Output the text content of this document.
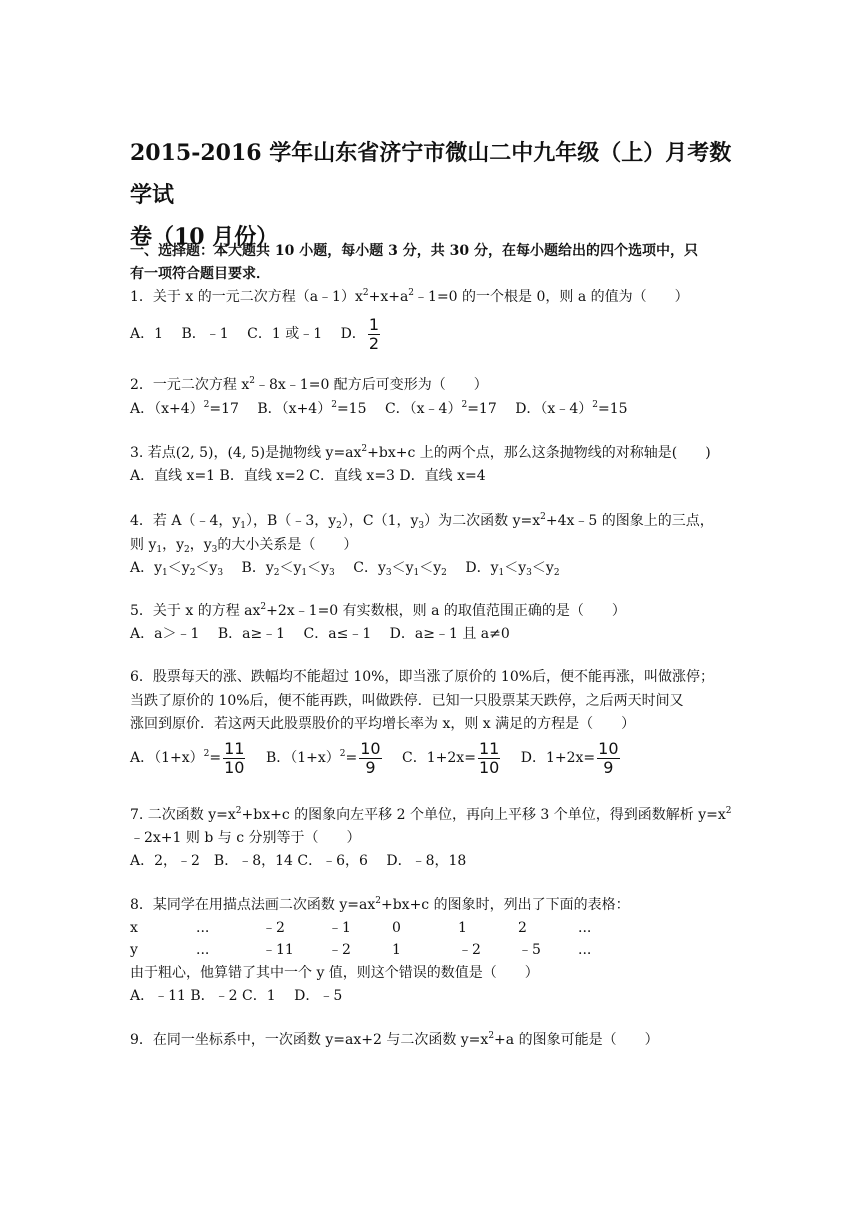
2015-2016 学年山东省济宁市微山二中九年级（上）月考数学试
卷（10 月份）
一、选择题：本大题共 10 小题，每小题 3 分，共 30 分，在每小题给出的四个选项中，只
有一项符合题目要求．
1．关于 x 的一元二次方程$(a﹣1)x^2+x+a^2﹣1=0$ 的一个根是 0，则 a 的值为（　　）
A．1 B．﹣1 C．1 或﹣1 D． $\frac{1}{2}$
2．一元二次方程 $x^2﹣8x﹣1=0$ 配方后可变形为（　　）
A．$(x+4)^2=17$ B．$(x+4)^2=15$ C．（x﹣4）$^2$=17 D．（x﹣4）$^2$=15
3. 若点(2, 5)，(4, 5)是抛物线 $y=ax^2+bx+c$ 上的两个点，那么这条抛物线的对称轴是(　　)
A．直线 x=1 B．直线 x=2 C．直线 x=3 D．直线 x=4
4．若 A（﹣4，$y_1$），B（﹣3，$y_2$），C（1，$y_3$）为二次函数 $y=x^2+4x﹣5$ 的图象上的三点，
则 $y_1$，$y_2$，$y_3$的大小关系是（　　）
A．$y_1<y_2<y_3$ B．$y_2<y_1<y_3$ C．$y_3<y_1<y_2$ D．$y_1<y_3<y_2$
5．关于 x 的方程 $ax^2+2x﹣1=0$ 有实数根，则 a 的取值范围正确的是（　　）
A．a＞﹣1　 B．a≥﹣1　 C．a≤﹣1　 D．a≥﹣1 且 a≠0
6．股票每天的涨、跌幅均不能超过 10%，即当涨了原价的 10%后，便不能再涨，叫做涨停；
当跌了原价的 10%后，便不能再跌，叫做跌停．已知一只股票某天跌停，之后两天时间又
涨回到原价．若这两天此股票股价的平均增长率为 x，则 x 满足的方程是（　　）
A．$(1+x)^2= \frac{11}{10}$ B．$(1+x)^2= \frac{10}{9}$ C．$1+2x= \frac{11}{10}$ D．$1+2x= \frac{10}{9}$
7. 二次函数 $y=x^2+bx+c$ 的图象向左平移 2 个单位，再向上平移 3 个单位，得到函数解析 $y=x^2$
﹣2x+1 则 b 与 c 分别等于（　　）
A．2，﹣2　B．﹣8，14 C．﹣6，6　 D．﹣8，18
8．某同学在用描点法画二次函数 $y=ax^2+bx+c$ 的图象时，列出了下面的表格：
x	...	﹣2	﹣1	0	1	2	...
y	...	﹣11	﹣2	1	﹣2	﹣5	...
由于粗心，他算错了其中一个 y 值，则这个错误的数值是（　　）
A．﹣11 B．﹣2 C．1　 D．﹣5
9．在同一坐标系中，一次函数 y=ax+2 与二次函数 $y=x^2+a$ 的图象可能是（　　）
